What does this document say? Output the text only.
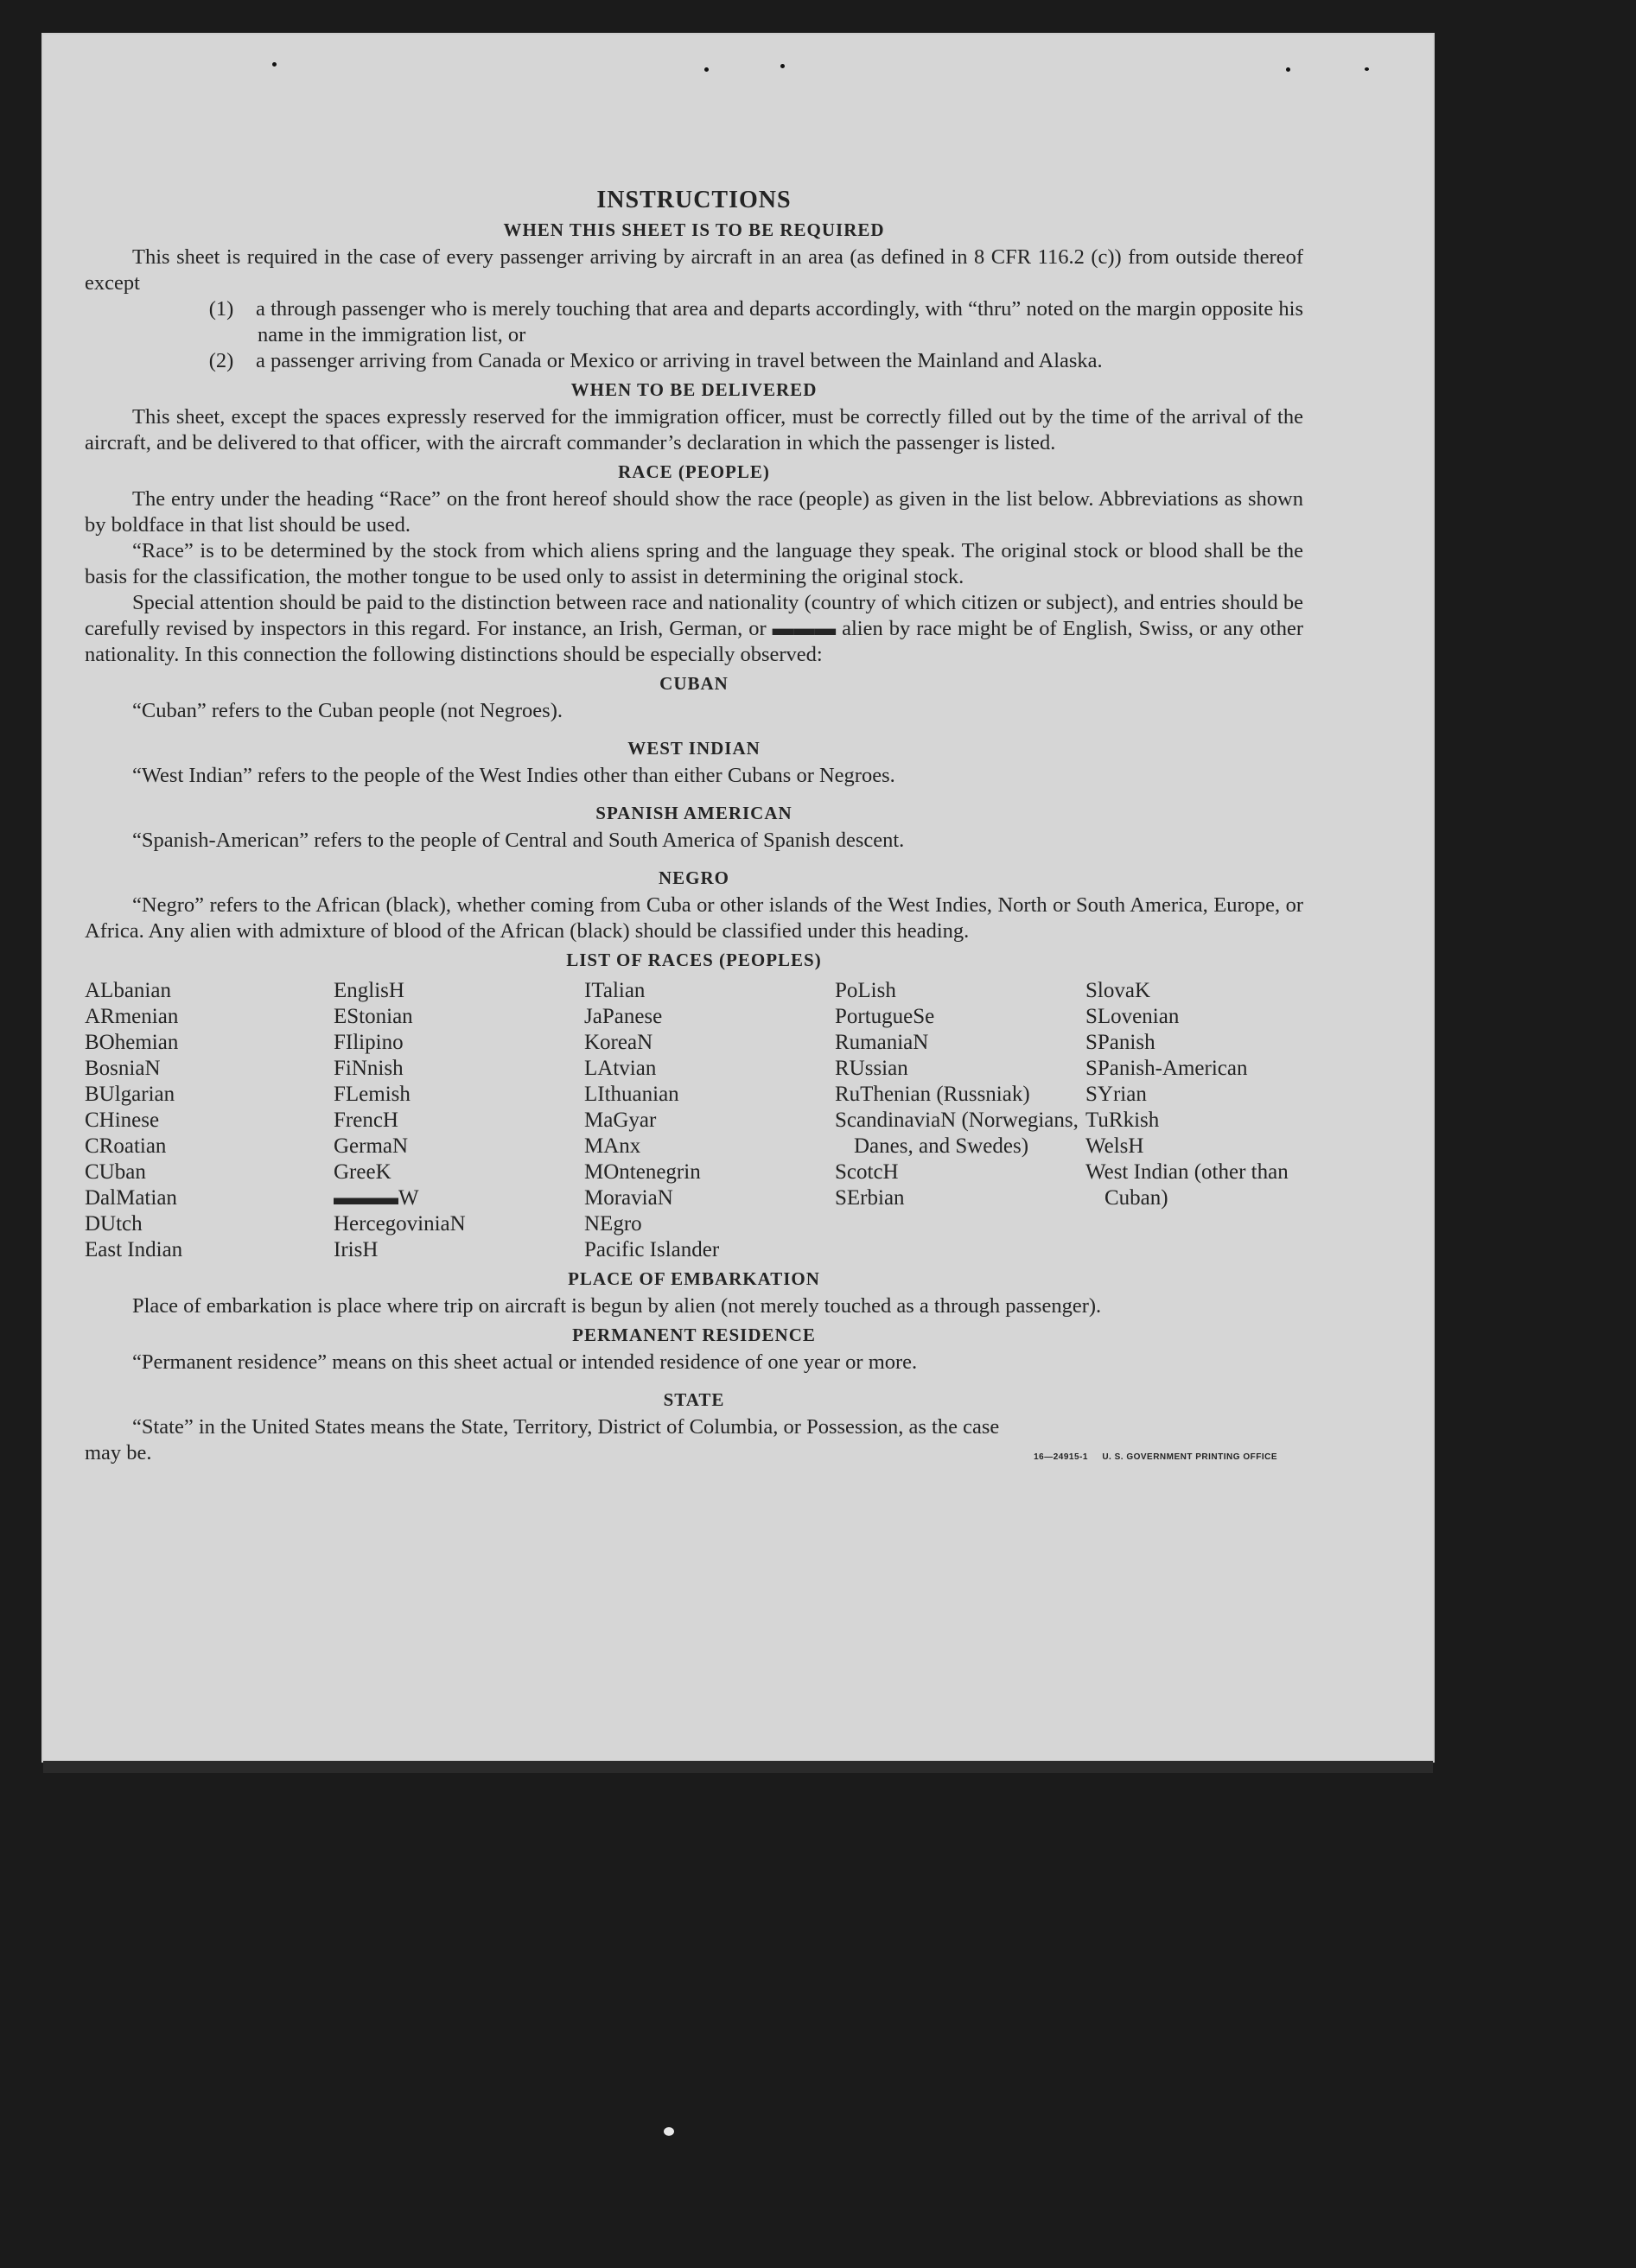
INSTRUCTIONS
WHEN THIS SHEET IS TO BE REQUIRED

This sheet is required in the case of every passenger arriving by aircraft in an area (as defined in 8 CFR 116.2 (c)) from outside thereof except

(1) a through passenger who is merely touching that area and departs accordingly, with “thru” noted on the margin opposite his name in the immigration list, or
(2) a passenger arriving from Canada or Mexico or arriving in travel between the Mainland and Alaska.
WHEN TO BE DELIVERED

This sheet, except the spaces expressly reserved for the immigration officer, must be correctly filled out by the time of the arrival of the aircraft, and be delivered to that officer, with the aircraft commander’s declaration in which the passenger is listed.

RACE (PEOPLE)

The entry under the heading “Race” on the front hereof should show the race (people) as given in the list below. Abbreviations as shown by boldface in that list should be used.

“Race” is to be determined by the stock from which aliens spring and the language they speak. The original stock or blood shall be the basis for the classification, the mother tongue to be used only to assist in determining the original stock.

Special attention should be paid to the distinction between race and nationality (country of which citizen or subject), and entries should be carefully revised by inspectors in this regard. For instance, an Irish, German, or ▬▬▬ alien by race might be of English, Swiss, or any other nationality. In this connection the following distinctions should be especially observed:

CUBAN

“Cuban” refers to the Cuban people (not Negroes).

WEST INDIAN

“West Indian” refers to the people of the West Indies other than either Cubans or Negroes.

SPANISH AMERICAN

“Spanish-American” refers to the people of Central and South America of Spanish descent.

NEGRO

“Negro” refers to the African (black), whether coming from Cuba or other islands of the West Indies, North or South America, Europe, or Africa. Any alien with admixture of blood of the African (black) should be classified under this heading.

LIST OF RACES (PEOPLES)
ALbanian
ARmenian
BOhemian
BosniaN
BUlgarian
CHinese
CRoatian
CUban
DalMatian
DUtch
East Indian
EnglisH
EStonian
FIlipino
FiNnish
FLemish
FrencH
GermaN
GreeK
▬▬▬W
HercegoviniaN
IrisH
ITalian
JaPanese
KoreaN
LAtvian
LIthuanian
MaGyar
MAnx
MOntenegrin
MoraviaN
NEgro
Pacific Islander
PoLish
PortugueSe
RumaniaN
RUssian
RuThenian (Russniak)
ScandinaviaN (Norwegians, Danes, and Swedes)
ScotcH
SErbian
SlovaK
SLovenian
SPanish
SPanish-American
SYrian
TuRkish
WelsH
West Indian (other than Cuban)
PLACE OF EMBARKATION

Place of embarkation is place where trip on aircraft is begun by alien (not merely touched as a through passenger).

PERMANENT RESIDENCE

“Permanent residence” means on this sheet actual or intended residence of one year or more.

STATE

“State” in the United States means the State, Territory, District of Columbia, or Possession, as the case

may be.	16—24915-1 U. S. GOVERNMENT PRINTING OFFICE
